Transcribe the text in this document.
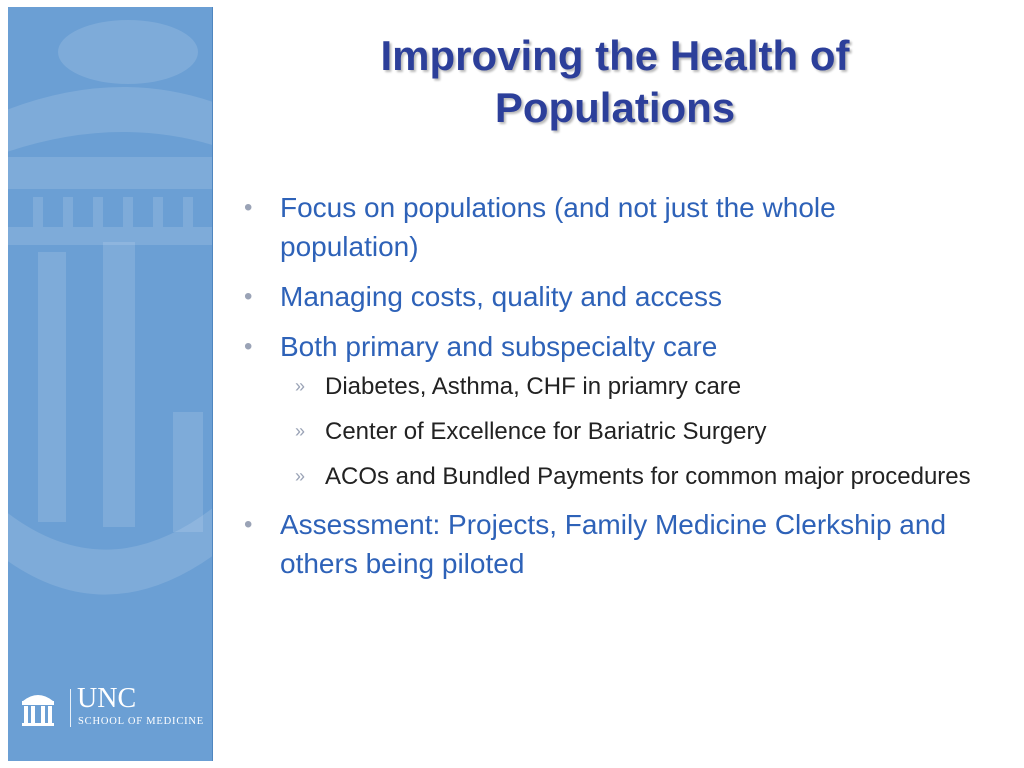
UNC
SCHOOL OF MEDICINE
Improving the Health of
Populations
• Focus on populations (and not just the whole population)
• Managing costs, quality and access
• Both primary and subspecialty care
» Diabetes, Asthma, CHF in priamry care
» Center of Excellence for Bariatric Surgery
» ACOs and Bundled Payments for common major procedures
• Assessment: Projects, Family Medicine Clerkship and others being piloted
